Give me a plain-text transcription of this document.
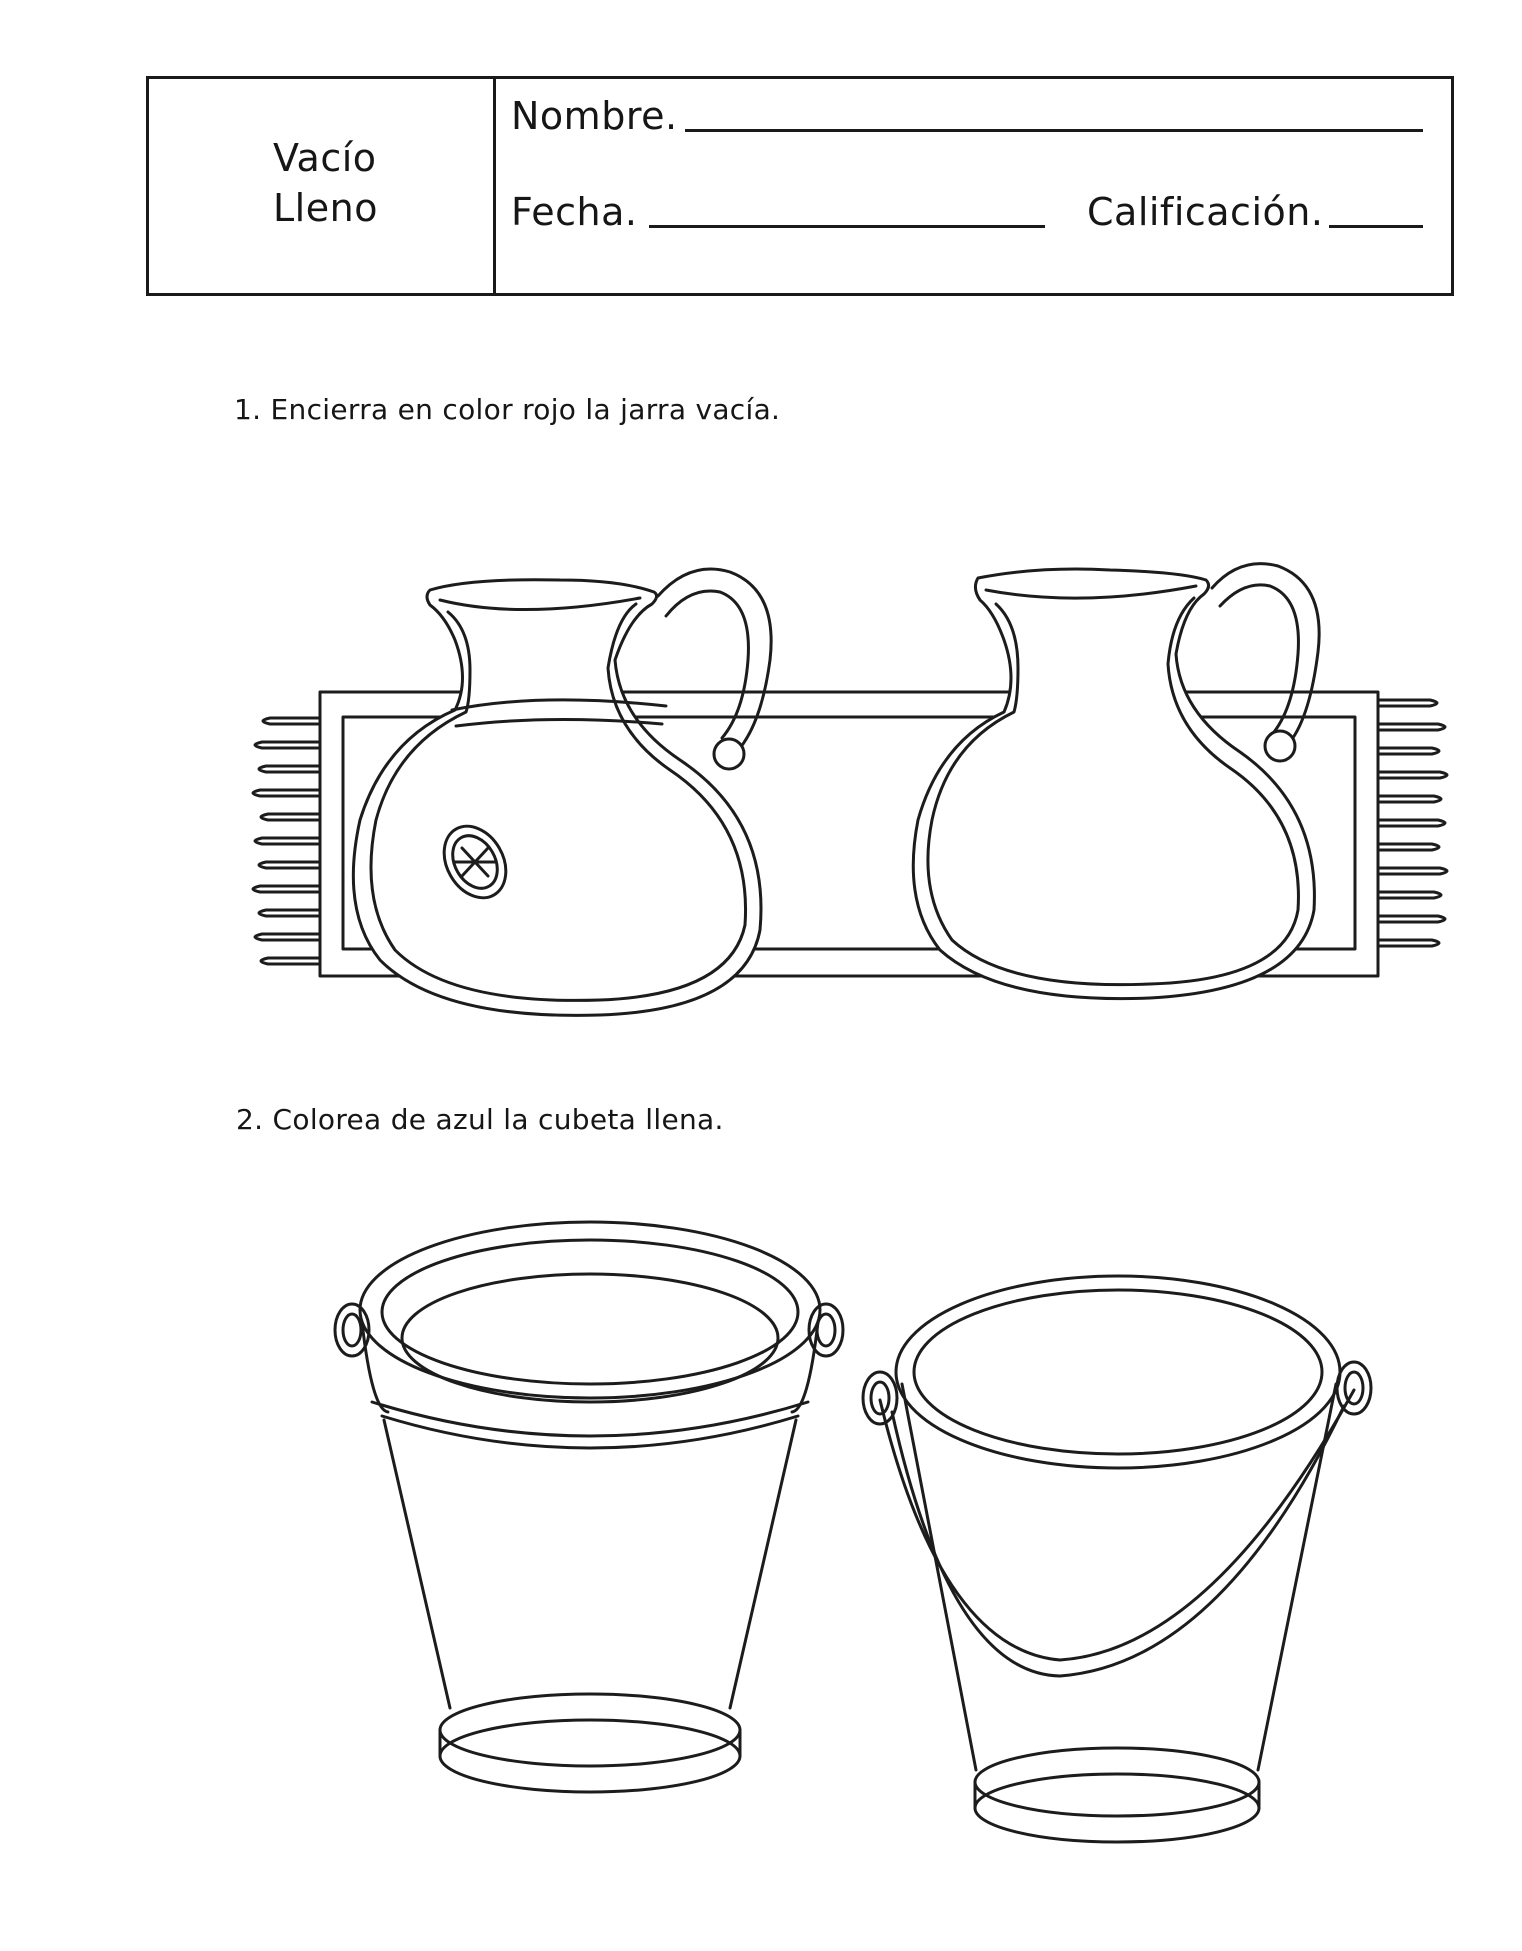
Vacío
Lleno
Nombre.
Fecha.	Calificación.
1. Encierra en color rojo la jarra vacía.
2. Colorea de azul la cubeta llena.
